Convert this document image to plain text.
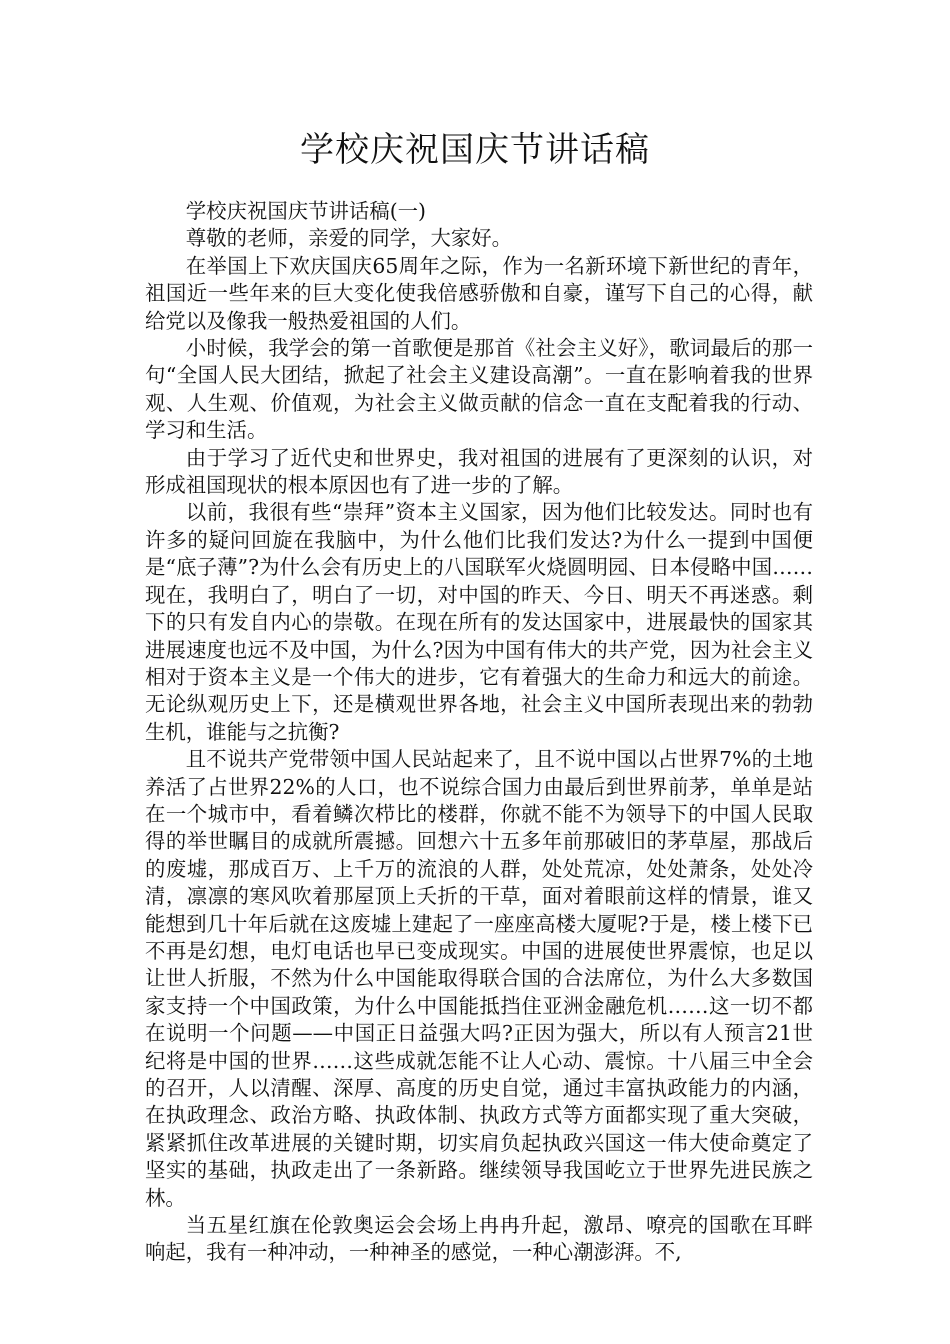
学校庆祝国庆节讲话稿

学校庆祝国庆节讲话稿(一)

尊敬的老师，亲爱的同学，大家好。

在举国上下欢庆国庆65周年之际，作为一名新环境下新世纪的青年，祖国近一些年来的巨大变化使我倍感骄傲和自豪，谨写下自己的心得，献给党以及像我一般热爱祖国的人们。

小时候，我学会的第一首歌便是那首《社会主义好》，歌词最后的那一句“全国人民大团结，掀起了社会主义建设高潮”。一直在影响着我的世界观、人生观、价值观，为社会主义做贡献的信念一直在支配着我的行动、学习和生活。

由于学习了近代史和世界史，我对祖国的进展有了更深刻的认识，对形成祖国现状的根本原因也有了进一步的了解。

以前，我很有些“崇拜”资本主义国家，因为他们比较发达。同时也有许多的疑问回旋在我脑中，为什么他们比我们发达?为什么一提到中国便是“底子薄”?为什么会有历史上的八国联军火烧圆明园、日本侵略中国……现在，我明白了，明白了一切，对中国的昨天、今日、明天不再迷惑。剩下的只有发自内心的崇敬。在现在所有的发达国家中，进展最快的国家其进展速度也远不及中国，为什么?因为中国有伟大的共产党，因为社会主义相对于资本主义是一个伟大的进步，它有着强大的生命力和远大的前途。无论纵观历史上下，还是横观世界各地，社会主义中国所表现出来的勃勃生机，谁能与之抗衡?

且不说共产党带领中国人民站起来了，且不说中国以占世界7%的土地养活了占世界22%的人口，也不说综合国力由最后到世界前茅，单单是站在一个城市中，看着鳞次栉比的楼群，你就不能不为领导下的中国人民取得的举世瞩目的成就所震撼。回想六十五多年前那破旧的茅草屋，那战后的废墟，那成百万、上千万的流浪的人群，处处荒凉，处处萧条，处处冷清，凛凛的寒风吹着那屋顶上夭折的干草，面对着眼前这样的情景，谁又能想到几十年后就在这废墟上建起了一座座高楼大厦呢?于是，楼上楼下已不再是幻想，电灯电话也早已变成现实。中国的进展使世界震惊，也足以让世人折服，不然为什么中国能取得联合国的合法席位，为什么大多数国家支持一个中国政策，为什么中国能抵挡住亚洲金融危机……这一切不都在说明一个问题——中国正日益强大吗?正因为强大，所以有人预言21世纪将是中国的世界……这些成就怎能不让人心动、震惊。十八届三中全会的召开，人以清醒、深厚、高度的历史自觉，通过丰富执政能力的内涵，在执政理念、政治方略、执政体制、执政方式等方面都实现了重大突破，紧紧抓住改革进展的关键时期，切实肩负起执政兴国这一伟大使命奠定了坚实的基础，执政走出了一条新路。继续领导我国屹立于世界先进民族之林。

当五星红旗在伦敦奥运会会场上冉冉升起，激昂、嘹亮的国歌在耳畔响起，我有一种冲动，一种神圣的感觉，一种心潮澎湃。不,
